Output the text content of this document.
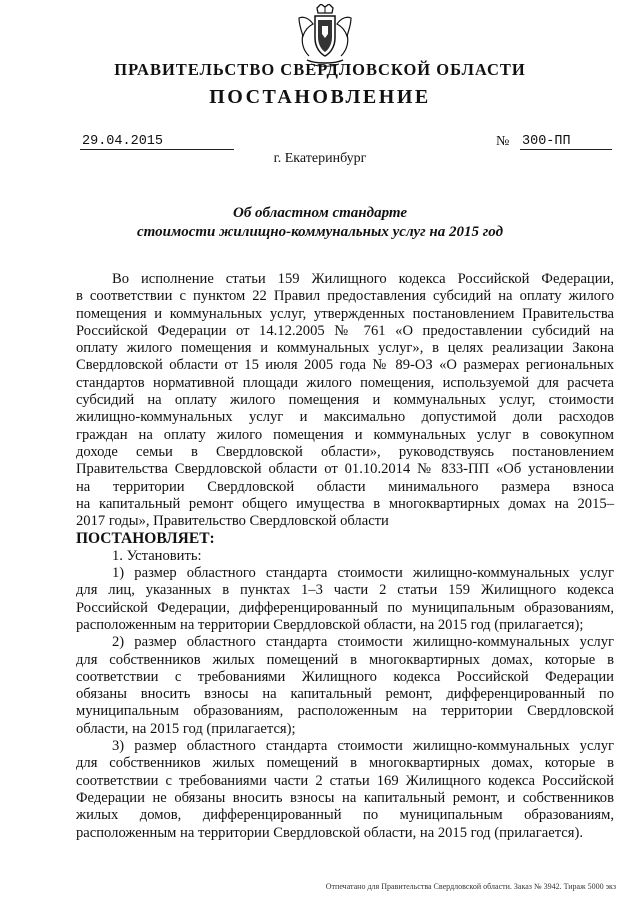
ПРАВИТЕЛЬСТВО СВЕРДЛОВСКОЙ ОБЛАСТИ
ПОСТАНОВЛЕНИЕ
29.04.2015	№ 300-ПП
г. Екатеринбург
Об областном стандарте
стоимости жилищно-коммунальных услуг на 2015 год
Во исполнение статьи 159 Жилищного кодекса Российской Федерации,
в соответствии с пунктом 22 Правил предоставления субсидий на оплату жилого
помещения и коммунальных услуг, утвержденных постановлением Правительства
Российской Федерации от 14.12.2005 № 761 «О предоставлении субсидий на
оплату жилого помещения и коммунальных услуг», в целях реализации Закона
Свердловской области от 15 июля 2005 года № 89-ОЗ «О размерах региональных
стандартов нормативной площади жилого помещения, используемой для расчета
субсидий на оплату жилого помещения и коммунальных услуг, стоимости
жилищно-коммунальных услуг и максимально допустимой доли расходов
граждан на оплату жилого помещения и коммунальных услуг в совокупном
доходе семьи в Свердловской области», руководствуясь постановлением
Правительства Свердловской области от 01.10.2014 № 833-ПП «Об установлении
на территории Свердловской области минимального размера взноса
на капитальный ремонт общего имущества в многоквартирных домах на 2015–
2017 годы», Правительство Свердловской области
ПОСТАНОВЛЯЕТ:
1. Установить:
1) размер областного стандарта стоимости жилищно-коммунальных услуг
для лиц, указанных в пунктах 1–3 части 2 статьи 159 Жилищного кодекса
Российской Федерации, дифференцированный по муниципальным образованиям,
расположенным на территории Свердловской области, на 2015 год (прилагается);
2) размер областного стандарта стоимости жилищно-коммунальных услуг
для собственников жилых помещений в многоквартирных домах, которые в
соответствии с требованиями Жилищного кодекса Российской Федерации
обязаны вносить взносы на капитальный ремонт, дифференцированный по
муниципальным образованиям, расположенным на территории Свердловской
области, на 2015 год (прилагается);
3) размер областного стандарта стоимости жилищно-коммунальных услуг
для собственников жилых помещений в многоквартирных домах, которые в
соответствии с требованиями части 2 статьи 169 Жилищного кодекса Российской
Федерации не обязаны вносить взносы на капитальный ремонт, и собственников
жилых домов, дифференцированный по муниципальным образованиям,
расположенным на территории Свердловской области, на 2015 год (прилагается).
Отпечатано для Правительства Свердловской области. Заказ № 3942. Тираж 5000 экз
